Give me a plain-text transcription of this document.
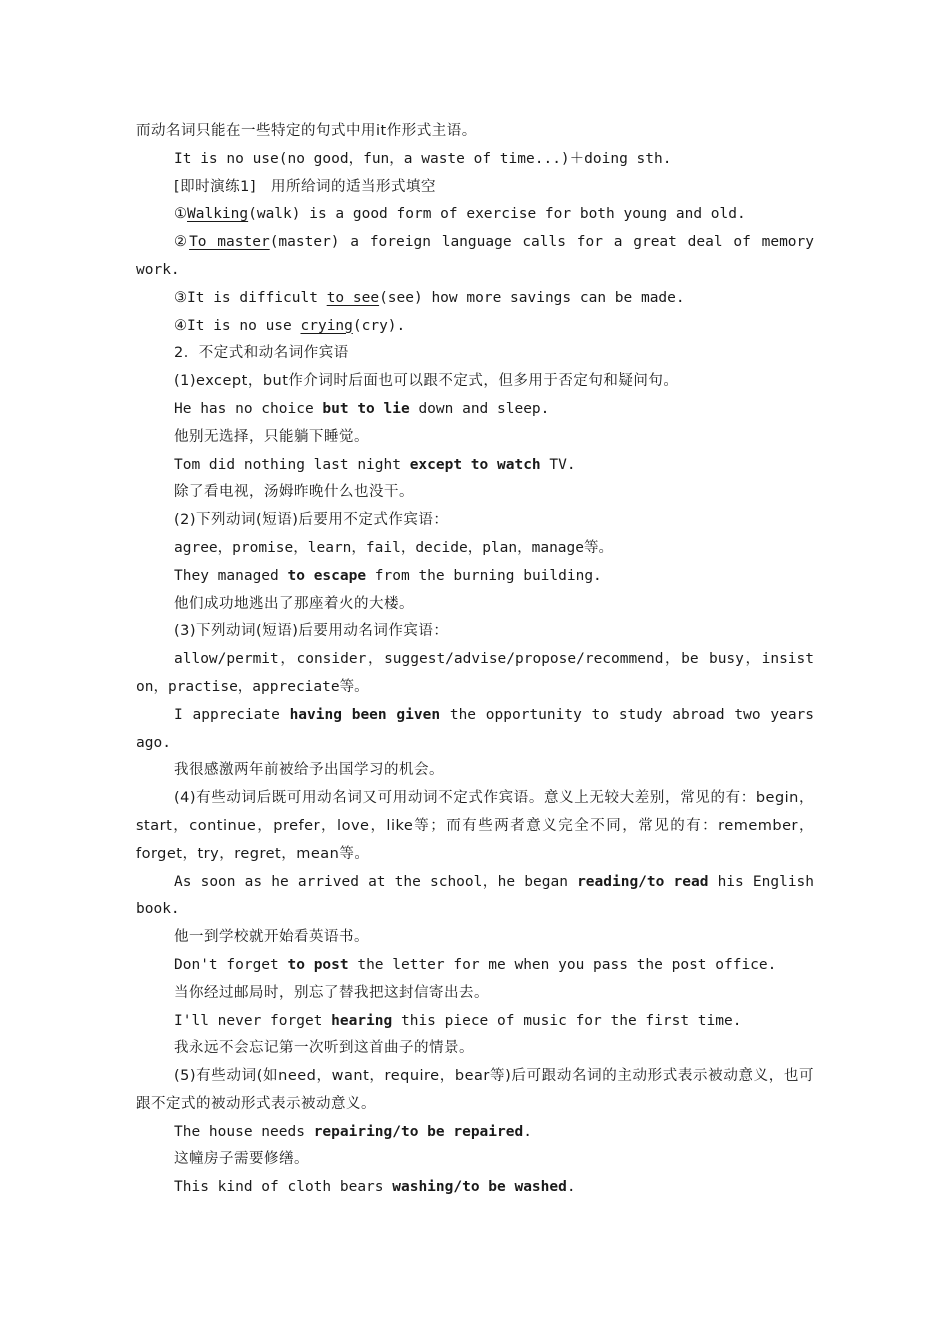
而动名词只能在一些特定的句式中用it作形式主语。
It is no use(no good，fun，a waste of time...)＋doing sth.
[即时演练1]　用所给词的适当形式填空
①Walking(walk) is a good form of exercise for both young and old.
②To master(master) a foreign language calls for a great deal of memory work.
③It is difficult to see(see) how more savings can be made.
④It is no use crying(cry).
2．不定式和动名词作宾语
(1)except，but作介词时后面也可以跟不定式，但多用于否定句和疑问句。
He has no choice but to lie down and sleep.
他别无选择，只能躺下睡觉。
Tom did nothing last night except to watch TV.
除了看电视，汤姆昨晚什么也没干。
(2)下列动词(短语)后要用不定式作宾语：
agree，promise，learn，fail，decide，plan，manage等。
They managed to escape from the burning building.
他们成功地逃出了那座着火的大楼。
(3)下列动词(短语)后要用动名词作宾语：
allow/permit，consider，suggest/advise/propose/recommend，be busy，insist on，practise，appreciate等。
I appreciate having been given the opportunity to study abroad two years ago.
我很感激两年前被给予出国学习的机会。
(4)有些动词后既可用动名词又可用动词不定式作宾语。意义上无较大差别，常见的有：begin，start，continue，prefer，love，like等；而有些两者意义完全不同，常见的有：remember，forget，try，regret，mean等。
As soon as he arrived at the school，he began reading/to read his English book.
他一到学校就开始看英语书。
Don't forget to post the letter for me when you pass the post office.
当你经过邮局时，别忘了替我把这封信寄出去。
I'll never forget hearing this piece of music for the first time.
我永远不会忘记第一次听到这首曲子的情景。
(5)有些动词(如need，want，require，bear等)后可跟动名词的主动形式表示被动意义，也可跟不定式的被动形式表示被动意义。
The house needs repairing/to be repaired.
这幢房子需要修缮。
This kind of cloth bears washing/to be washed.
